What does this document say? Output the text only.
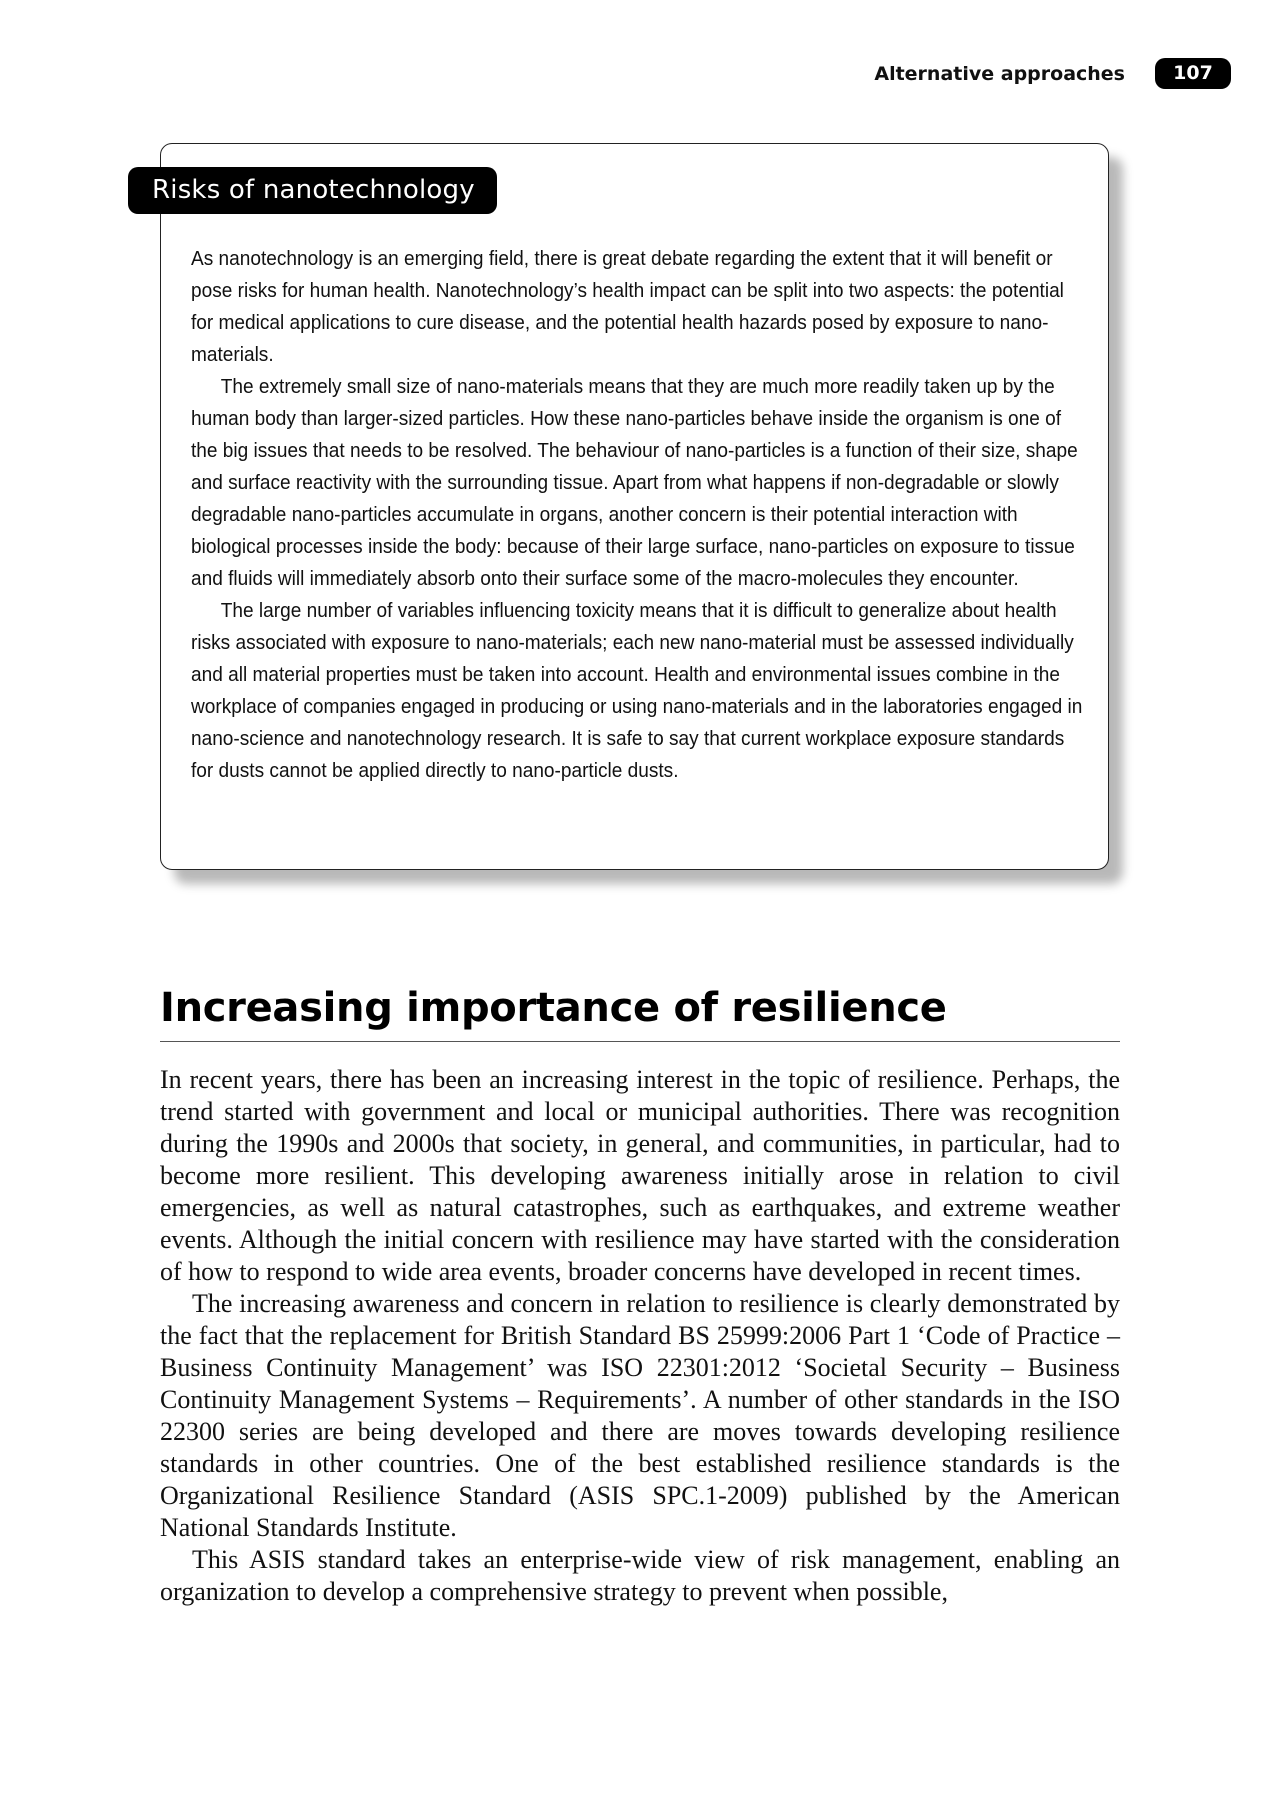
Alternative approaches	107
Risks of nanotechnology

As nanotechnology is an emerging field, there is great debate regarding the extent that it will benefit or pose risks for human health. Nanotechnology’s health impact can be split into two aspects: the potential for medical applications to cure disease, and the potential health hazards posed by exposure to nano-materials.

The extremely small size of nano-materials means that they are much more readily taken up by the human body than larger-sized particles. How these nano-particles behave inside the organism is one of the big issues that needs to be resolved. The behaviour of nano-particles is a function of their size, shape and surface reactivity with the surrounding tissue. Apart from what happens if non-degradable or slowly degradable nano-particles accumulate in organs, another concern is their potential interaction with biological processes inside the body: because of their large surface, nano-particles on exposure to tissue and fluids will immediately absorb onto their surface some of the macro-molecules they encounter.

The large number of variables influencing toxicity means that it is difficult to generalize about health risks associated with exposure to nano-materials; each new nano-material must be assessed individually and all material properties must be taken into account. Health and environmental issues combine in the workplace of companies engaged in producing or using nano-materials and in the laboratories engaged in nano-science and nanotechnology research. It is safe to say that current workplace exposure standards for dusts cannot be applied directly to nano-particle dusts.

Increasing importance of resilience

In recent years, there has been an increasing interest in the topic of resilience. Perhaps, the trend started with government and local or municipal authorities. There was recognition during the 1990s and 2000s that society, in general, and communities, in particular, had to become more resilient. This developing awareness initially arose in relation to civil emergencies, as well as natural catastrophes, such as earthquakes, and extreme weather events. Although the initial concern with resilience may have started with the consideration of how to respond to wide area events, broader concerns have developed in recent times.

The increasing awareness and concern in relation to resilience is clearly demonstrated by the fact that the replacement for British Standard BS 25999:2006 Part 1 ‘Code of Practice – Business Continuity Management’ was ISO 22301:2012 ‘Societal Security – Business Continuity Management Systems – Requirements’. A number of other standards in the ISO 22300 series are being developed and there are moves towards developing resilience standards in other countries. One of the best established resilience standards is the Organizational Resilience Standard (ASIS SPC.1-2009) published by the American National Standards Institute.

This ASIS standard takes an enterprise-wide view of risk management, enabling an organization to develop a comprehensive strategy to prevent when possible,
